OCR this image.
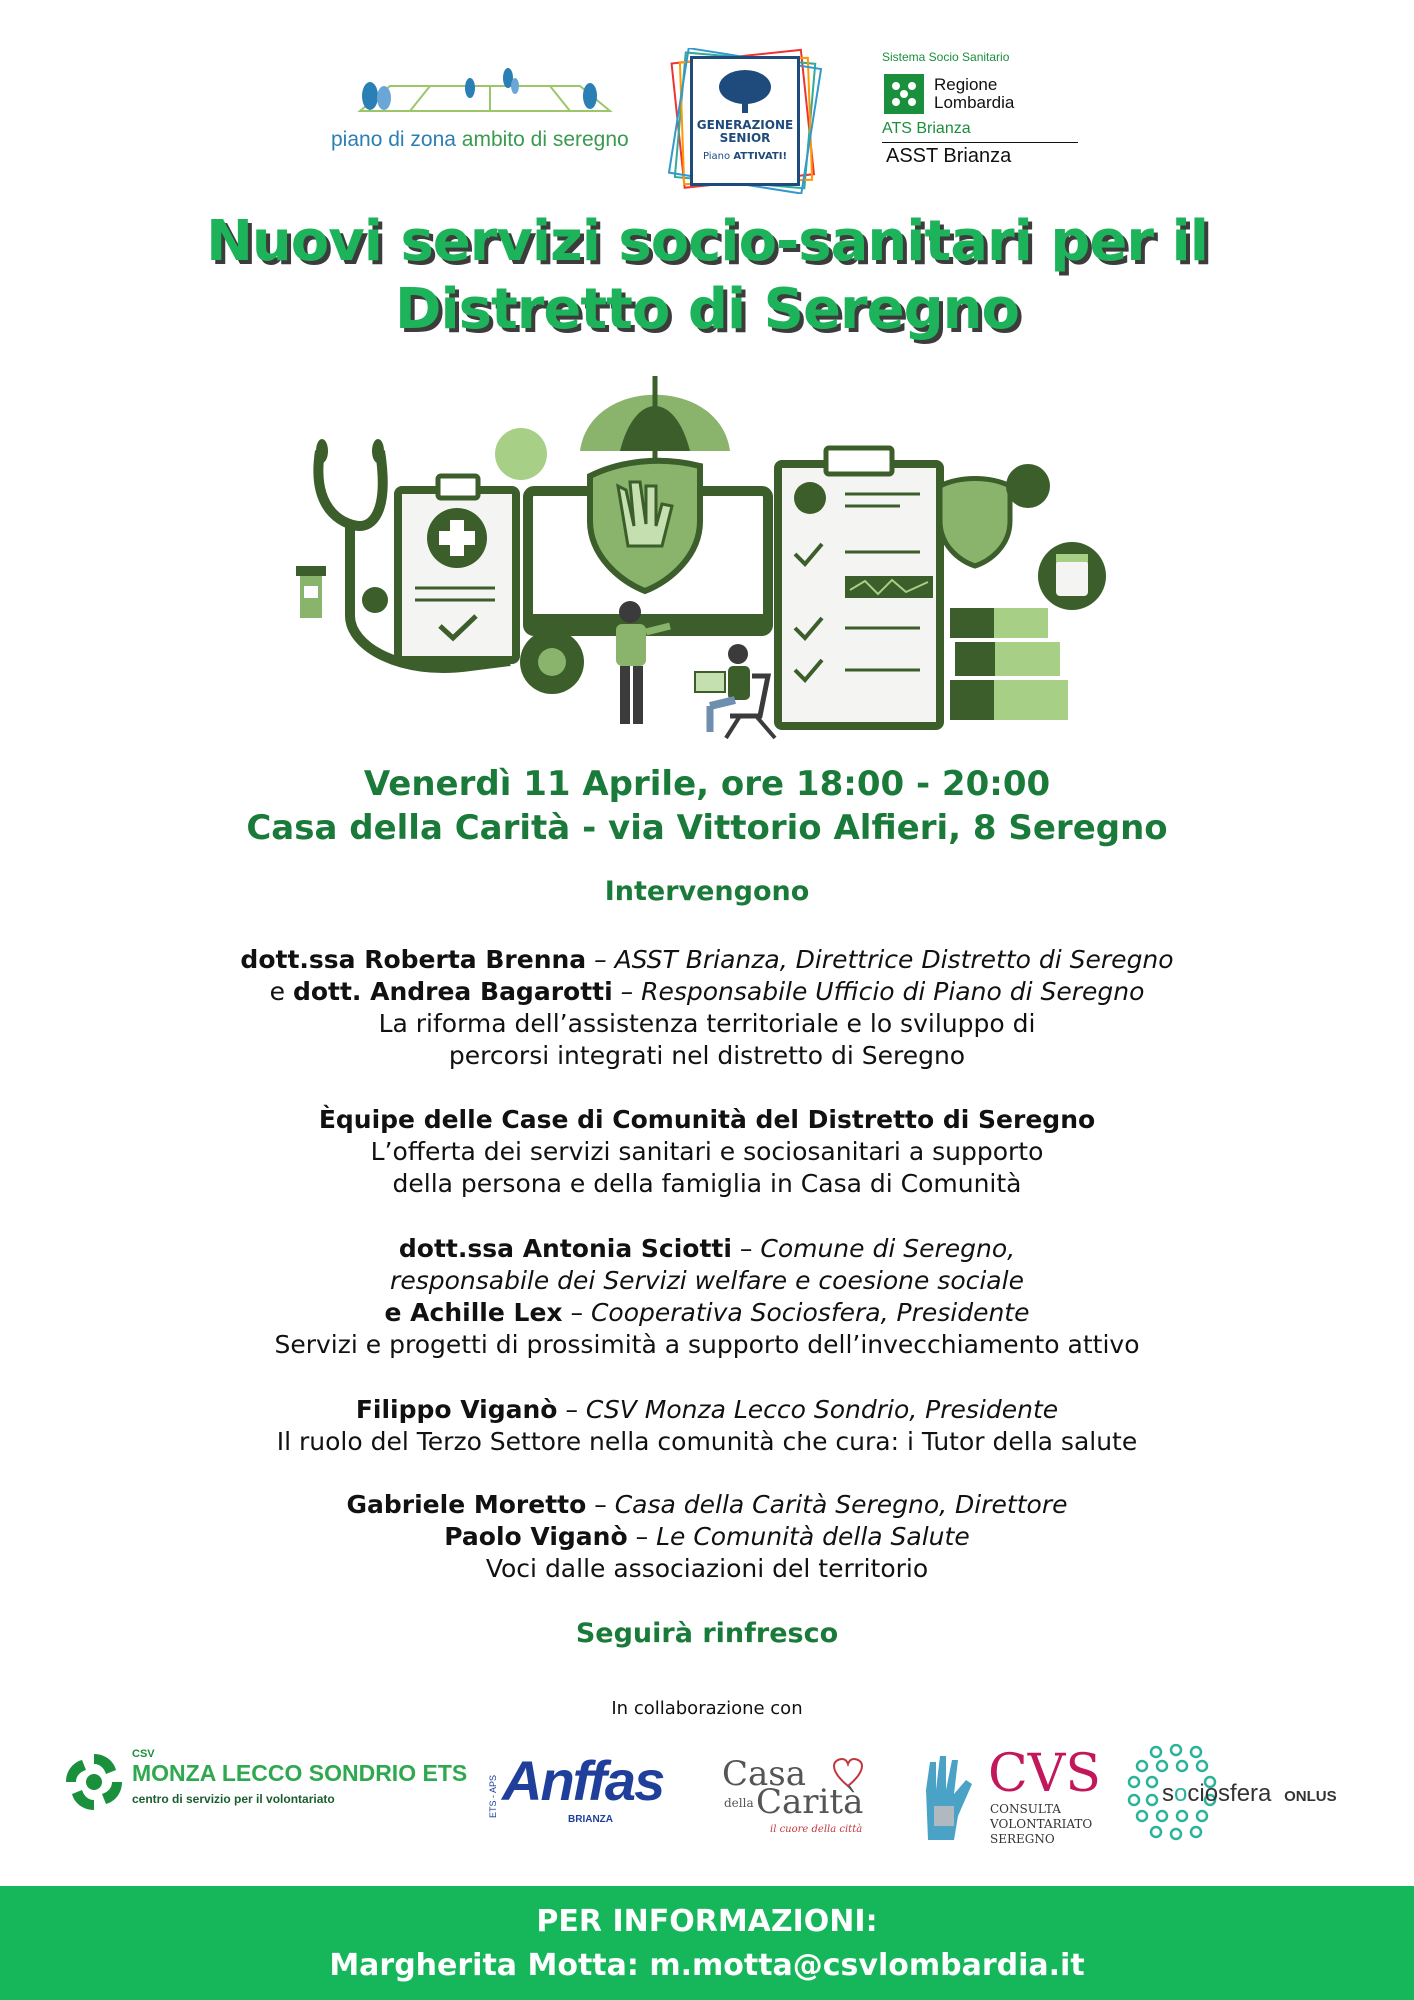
piano di zona ambito di seregno
GENERAZIONE
SENIOR
Piano ATTIVATI!
Sistema Socio Sanitario
Regione
Lombardia
ATS Brianza
ASST Brianza
Nuovi servizi socio-sanitari per il
Distretto di Seregno
Venerdì 11 Aprile, ore 18:00 - 20:00
Casa della Carità - via Vittorio Alfieri, 8 Seregno
Intervengono
dott.ssa Roberta Brenna – ASST Brianza, Direttrice Distretto di Seregno
e dott. Andrea Bagarotti – Responsabile Ufficio di Piano di Seregno
La riforma dell’assistenza territoriale e lo sviluppo di
percorsi integrati nel distretto di Seregno
Èquipe delle Case di Comunità del Distretto di Seregno
L’offerta dei servizi sanitari e sociosanitari a supporto
della persona e della famiglia in Casa di Comunità
dott.ssa Antonia Sciotti – Comune di Seregno,
responsabile dei Servizi welfare e coesione sociale
e Achille Lex – Cooperativa Sociosfera, Presidente
Servizi e progetti di prossimità a supporto dell’invecchiamento attivo
Filippo Viganò – CSV Monza Lecco Sondrio, Presidente
Il ruolo del Terzo Settore nella comunità che cura: i Tutor della salute
Gabriele Moretto – Casa della Carità Seregno, Direttore
Paolo Viganò – Le Comunità della Salute
Voci dalle associazioni del territorio
Seguirà rinfresco
In collaborazione con
CSV
MONZA LECCO SONDRIO ETS
centro di servizio per il volontariato	ETS - APS Anffas
BRIANZA
Casa
della Carità
il cuore della città
CVS
CONSULTA
VOLONTARIATO
SEREGNO
sociosfera ONLUS
PER INFORMAZIONI:
Margherita Motta: m.motta@csvlombardia.it
